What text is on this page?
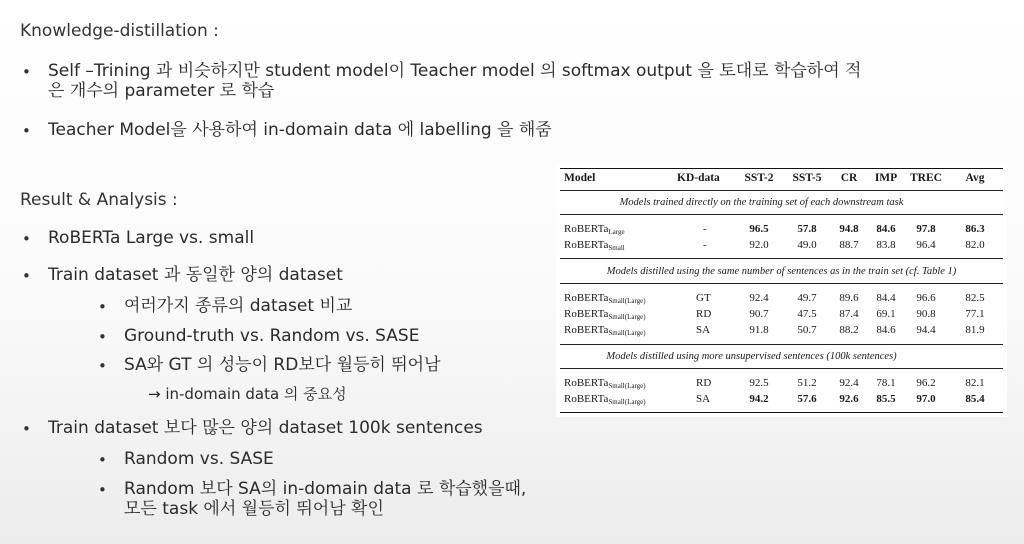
Knowledge-distillation :
• Self –Trining 과 비슷하지만 student model이 Teacher model 의 softmax output 을 토대로 학습하여 적
은 개수의 parameter 로 학습
• Teacher Model을 사용하여 in-domain data 에 labelling 을 해줌
Result & Analysis :
• RoBERTa Large vs. small
• Train dataset 과 동일한 양의 dataset
• 여러가지 종류의 dataset 비교
• Ground-truth vs. Random vs. SASE
• SA와 GT 의 성능이 RD보다 월등히 뛰어남
→ in-domain data 의 중요성
• Train dataset 보다 많은 양의 dataset 100k sentences
• Random vs. SASE
• Random 보다 SA의 in-domain data 로 학습했을때,
모든 task 에서 월등히 뛰어남 확인
Model	KD-data	SST-2	SST-5	CR	IMP	TREC	Avg
Models trained directly on the training set of each downstream task
RoBERTa$_{Large}$	-	96.5	57.8	94.8	84.6	97.8	86.3
RoBERTa$_{Small}$	-	92.0	49.0	88.7	83.8	96.4	82.0
Models distilled using the same number of sentences as in the train set (cf. Table 1)
RoBERTa$_{Small(Large)}$	GT	92.4	49.7	89.6	84.4	96.6	82.5
RoBERTa$_{Small(Large)}$	RD	90.7	47.5	87.4	69.1	90.8	77.1
RoBERTa$_{Small(Large)}$	SA	91.8	50.7	88.2	84.6	94.4	81.9
Models distilled using more unsupervised sentences (100k sentences)
RoBERTa$_{Small(Large)}$	RD	92.5	51.2	92.4	78.1	96.2	82.1
RoBERTa$_{Small(Large)}$	SA	94.2	57.6	92.6	85.5	97.0	85.4
